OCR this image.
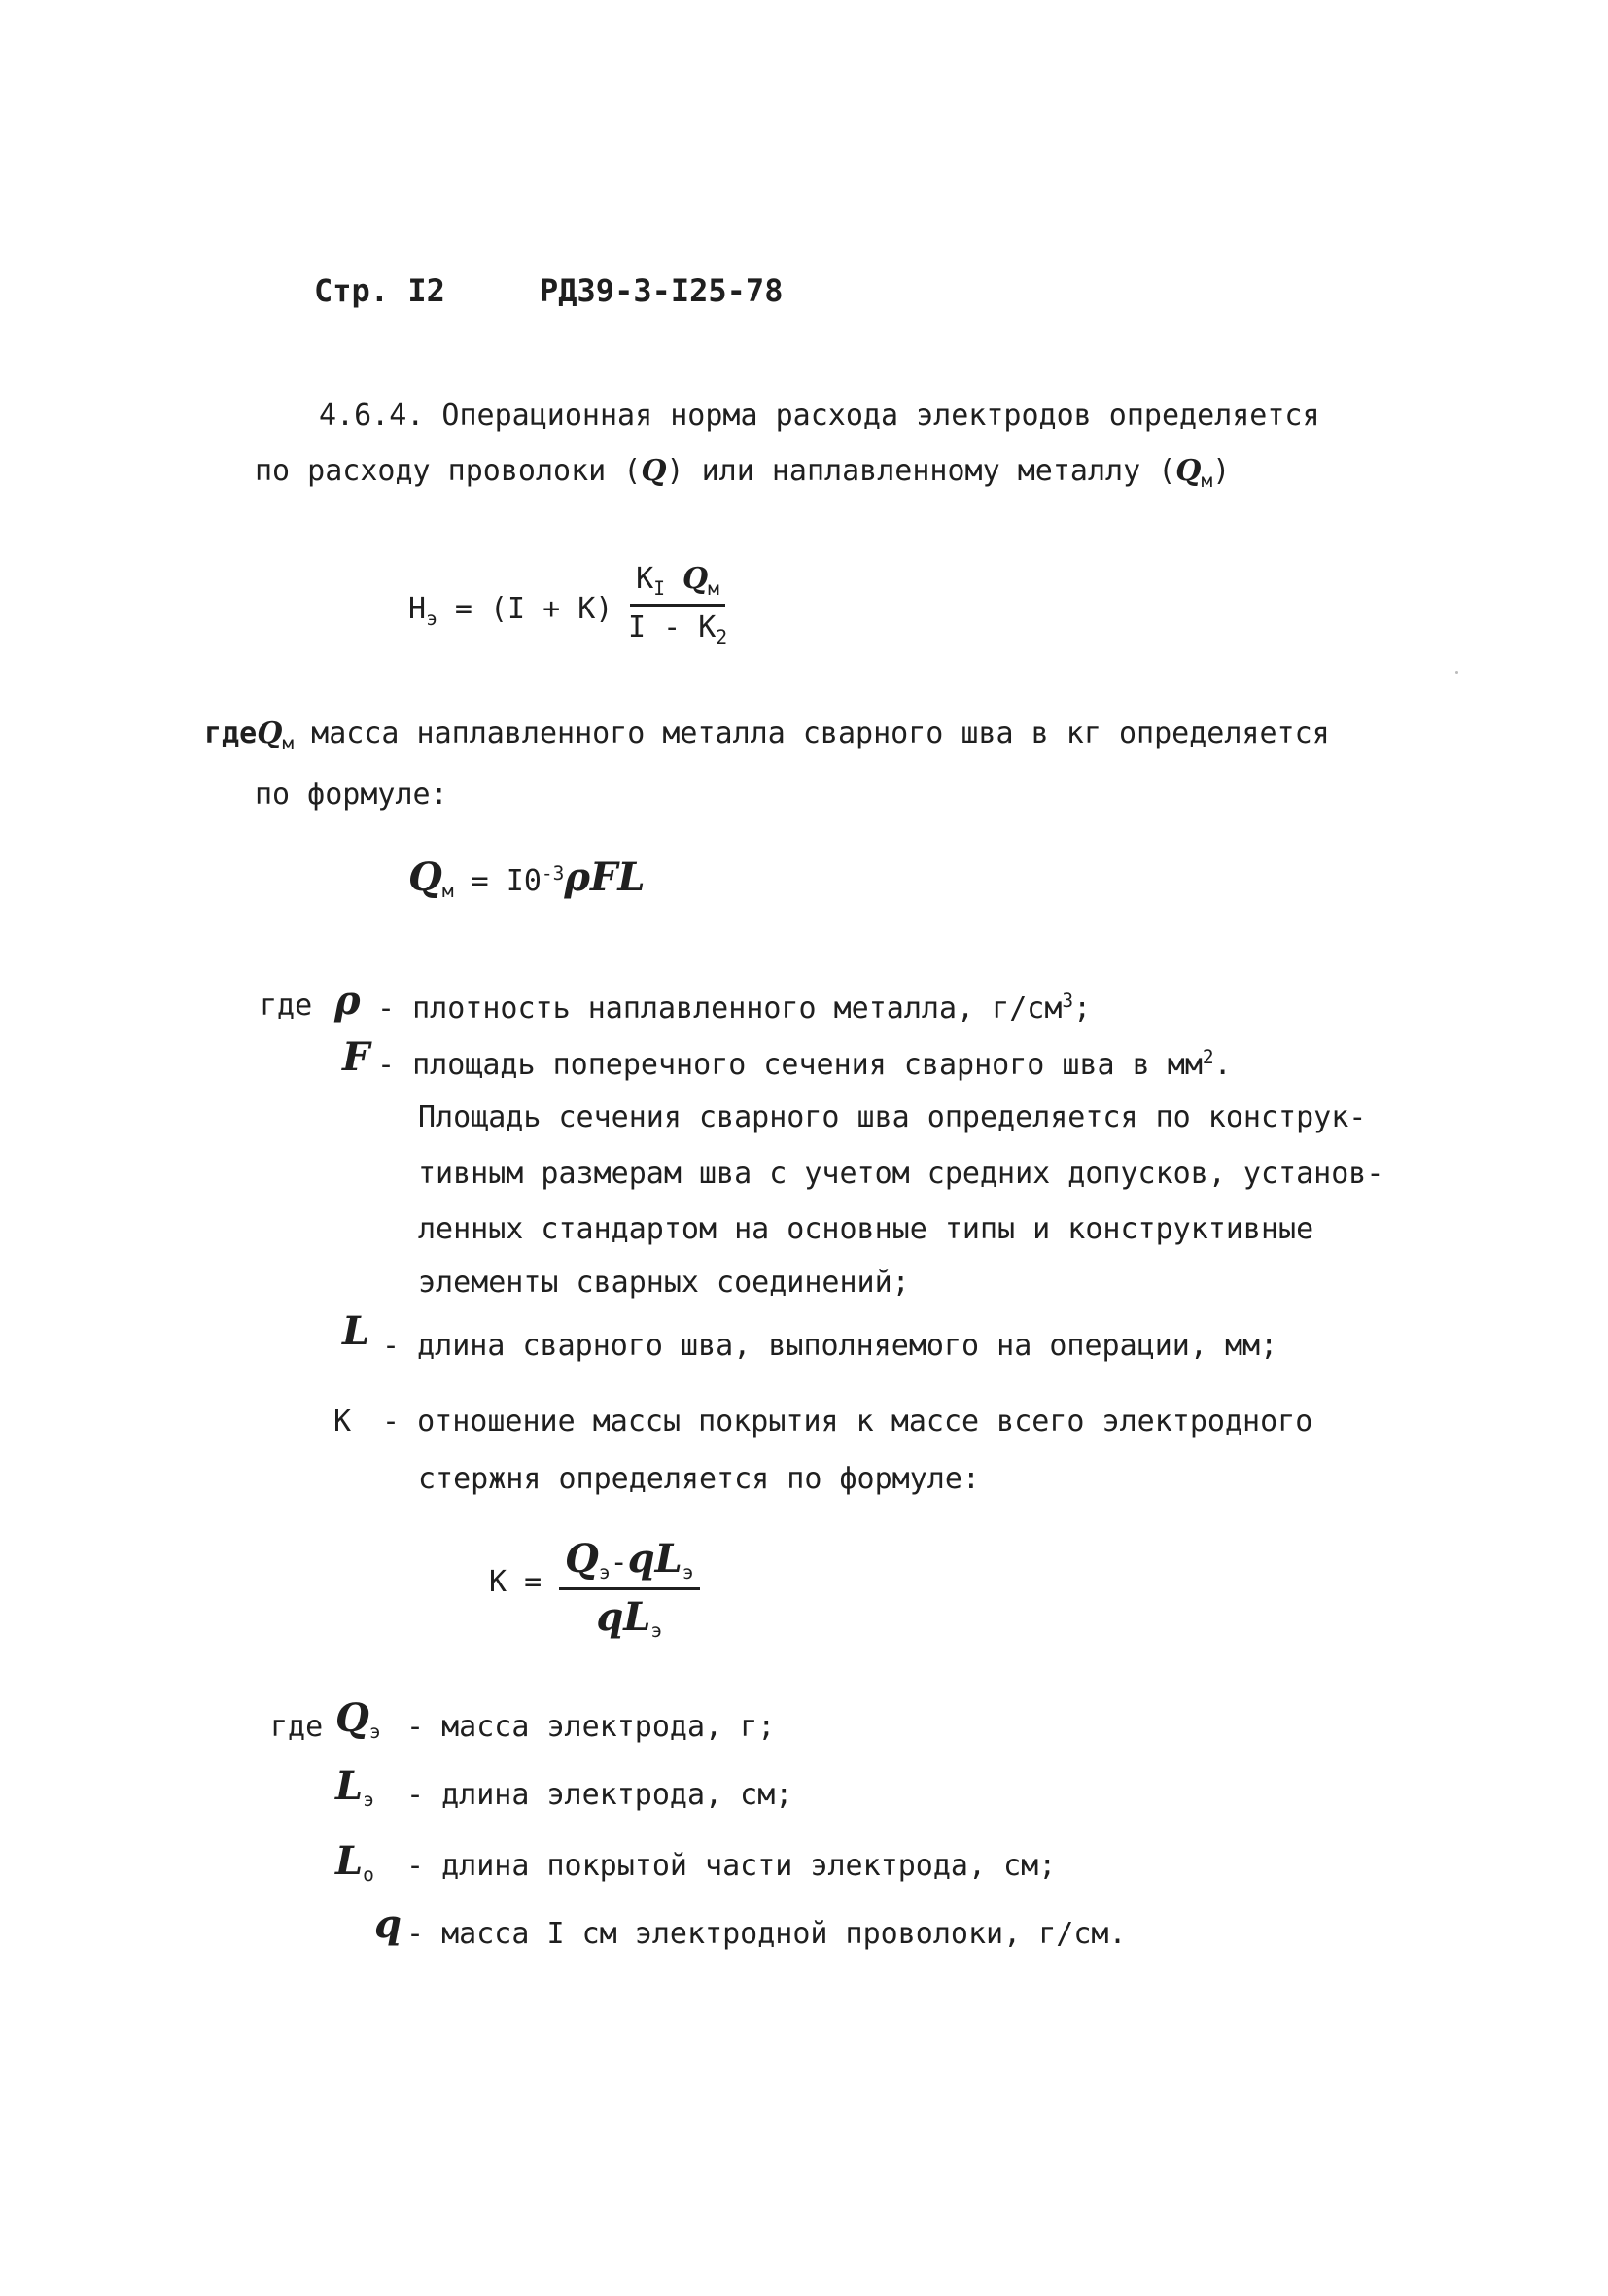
Стр. I2	РД39-3-I25-78
4.6.4. Операционная норма расхода электродов определяется
по расходу проволоки (Q) или наплавленному металлу $(Q_м)$
$Н_э = (I + K)$
$K_I$ $Q_м$
I - $K_2$
гдеQ$_м$ масса наплавленного металла сварного шва в кг определяется
по формуле:
$Q_м = I0^{-3}\rho FL$
где ρ - плотность наплавленного металла, $г/см^3$;
F - площадь поперечного сечения сварного шва в $мм^2$.
Площадь сечения сварного шва определяется по конструк-
тивным размерам шва с учетом средних допусков, установ-
ленных стандартом на основные типы и конструктивные
элементы сварных соединений;
L - длина сварного шва, выполняемого на операции, мм;
K - отношение массы покрытия к массе всего электродного
стержня определяется по формуле:
K =
$Q_э-qL_э$
$qL_э$
где $Q_э$ - масса электрода, г;
$L_э$ - длина электрода, см;
$L_о$ - длина покрытой части электрода, см;
q - масса I см электродной проволоки, г/см.
